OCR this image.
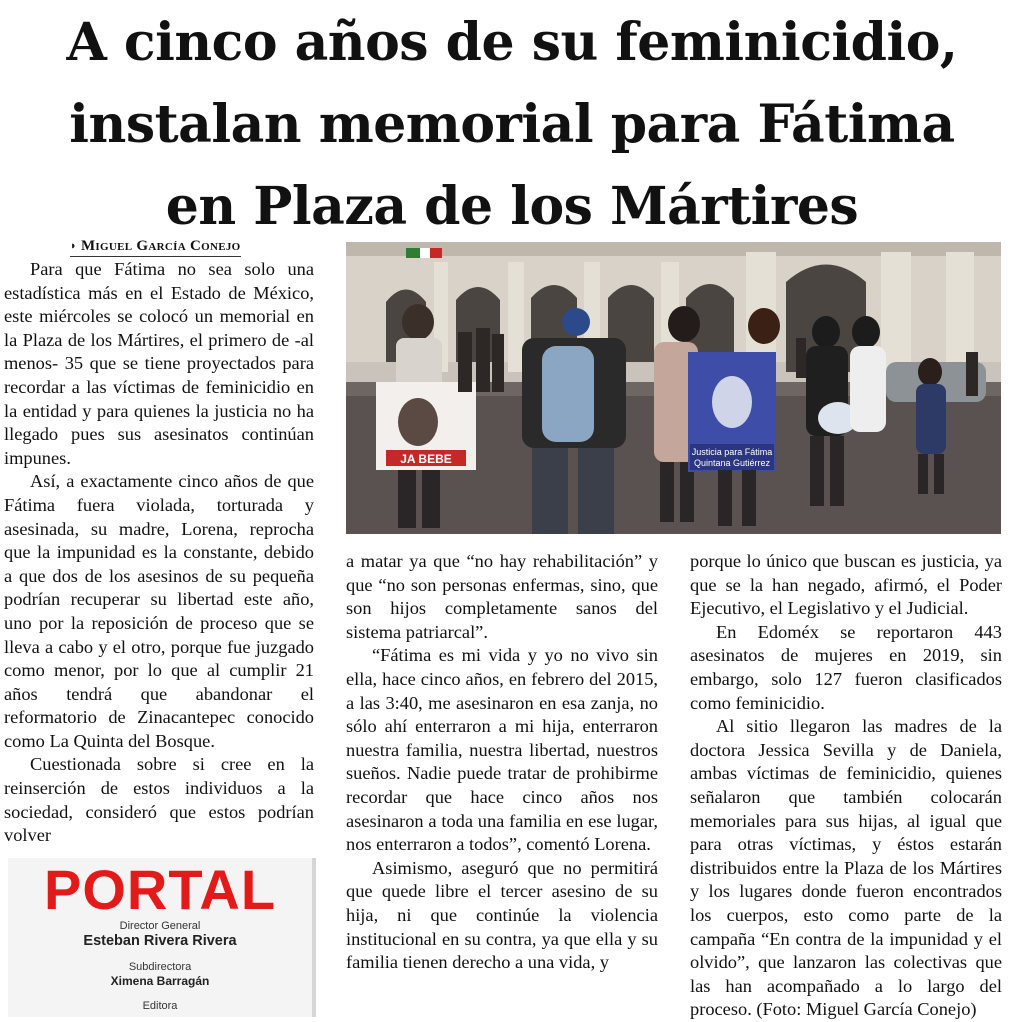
A cinco años de su feminicidio,
instalan memorial para Fátima
en Plaza de los Mártires
◗ Miguel García Conejo

Para que Fátima no sea solo una estadística más en el Estado de México, este miércoles se colocó un memorial en la Plaza de los Mártires, el primero de -al menos- 35 que se tiene proyectados para recordar a las víctimas de feminicidio en la entidad y para quienes la justicia no ha llegado pues sus asesinatos continúan impunes.

Así, a exactamente cinco años de que Fátima fuera violada, torturada y asesinada, su madre, Lorena, reprocha que la impunidad es la constante, debido a que dos de los asesinos de su pequeña podrían recuperar su libertad este año, uno por la reposición de proceso que se lleva a cabo y el otro, porque fue juzgado como menor, por lo que al cumplir 21 años tendrá que abandonar el reformatorio de Zinacantepec conocido como La Quinta del Bosque.

Cuestionada sobre si cree en la reinserción de estos individuos a la sociedad, consideró que estos podrían volver

JA BEBE	Justicia para Fátima
Quintana Gutiérrez

a matar ya que “no hay rehabilitación” y que “no son personas enfermas, sino, que son hijos completamente sanos del sistema patriarcal”.

“Fátima es mi vida y yo no vivo sin ella, hace cinco años, en febrero del 2015, a las 3:40, me asesinaron en esa zanja, no sólo ahí enterraron a mi hija, enterraron nuestra familia, nuestra libertad, nuestros sueños. Nadie puede tratar de prohibirme recordar que hace cinco años nos asesinaron a toda una familia en ese lugar, nos enterraron a todos”, comentó Lorena.

Asimismo, aseguró que no permitirá que quede libre el tercer asesino de su hija, ni que continúe la violencia institucional en su contra, ya que ella y su familia tienen derecho a una vida, y

porque lo único que buscan es justicia, ya que se la han negado, afirmó, el Poder Ejecutivo, el Legislativo y el Judicial.

En Edoméx se reportaron 443 asesinatos de mujeres en 2019, sin embargo, solo 127 fueron clasificados como feminicidio.

Al sitio llegaron las madres de la doctora Jessica Sevilla y de Daniela, ambas víctimas de feminicidio, quienes señalaron que también colocarán memoriales para sus hijas, al igual que para otras víctimas, y éstos estarán distribuidos entre la Plaza de los Mártires y los lugares donde fueron encontrados los cuerpos, esto como parte de la campaña “En contra de la impunidad y el olvido”, que lanzaron las colectivas que las han acompañado a lo largo del proceso. (Foto: Miguel García Conejo)

PORTAL
Director General
Esteban Rivera Rivera
Subdirectora
Ximena Barragán
Editora
